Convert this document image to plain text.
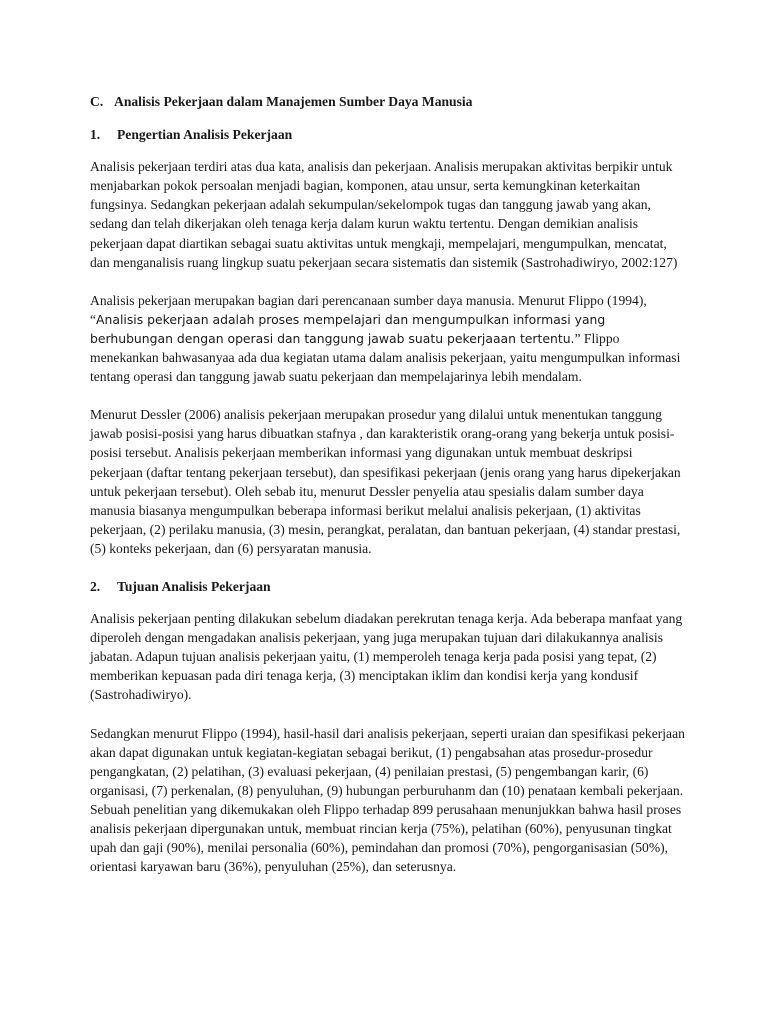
C. Analisis Pekerjaan dalam Manajemen Sumber Daya Manusia
1. Pengertian Analisis Pekerjaan

Analisis pekerjaan terdiri atas dua kata, analisis dan pekerjaan. Analisis merupakan aktivitas berpikir untuk menjabarkan pokok persoalan menjadi bagian, komponen, atau unsur, serta kemungkinan keterkaitan fungsinya. Sedangkan pekerjaan adalah sekumpulan/sekelompok tugas dan tanggung jawab yang akan, sedang dan telah dikerjakan oleh tenaga kerja dalam kurun waktu tertentu. Dengan demikian analisis pekerjaan dapat diartikan sebagai suatu aktivitas untuk mengkaji, mempelajari, mengumpulkan, mencatat, dan menganalisis ruang lingkup suatu pekerjaan secara sistematis dan sistemik (Sastrohadiwiryo, 2002:127)

Analisis pekerjaan merupakan bagian dari perencanaan sumber daya manusia. Menurut Flippo (1994), “Analisis pekerjaan adalah proses mempelajari dan mengumpulkan informasi yang berhubungan dengan operasi dan tanggung jawab suatu pekerjaaan tertentu.” Flippo menekankan bahwasanyaa ada dua kegiatan utama dalam analisis pekerjaan, yaitu mengumpulkan informasi tentang operasi dan tanggung jawab suatu pekerjaan dan mempelajarinya lebih mendalam.

Menurut Dessler (2006) analisis pekerjaan merupakan prosedur yang dilalui untuk menentukan tanggung jawab posisi-posisi yang harus dibuatkan stafnya , dan karakteristik orang-orang yang bekerja untuk posisi-posisi tersebut. Analisis pekerjaan memberikan informasi yang digunakan untuk membuat deskripsi pekerjaan (daftar tentang pekerjaan tersebut), dan spesifikasi pekerjaan (jenis orang yang harus dipekerjakan untuk pekerjaan tersebut). Oleh sebab itu, menurut Dessler penyelia atau spesialis dalam sumber daya manusia biasanya mengumpulkan beberapa informasi berikut melalui analisis pekerjaan, (1) aktivitas pekerjaan, (2) perilaku manusia, (3) mesin, perangkat, peralatan, dan bantuan pekerjaan, (4) standar prestasi, (5) konteks pekerjaan, dan (6) persyaratan manusia.

2. Tujuan Analisis Pekerjaan

Analisis pekerjaan penting dilakukan sebelum diadakan perekrutan tenaga kerja. Ada beberapa manfaat yang diperoleh dengan mengadakan analisis pekerjaan, yang juga merupakan tujuan dari dilakukannya analisis jabatan. Adapun tujuan analisis pekerjaan yaitu, (1) memperoleh tenaga kerja pada posisi yang tepat, (2) memberikan kepuasan pada diri tenaga kerja, (3) menciptakan iklim dan kondisi kerja yang kondusif (Sastrohadiwiryo).

Sedangkan menurut Flippo (1994), hasil-hasil dari analisis pekerjaan, seperti uraian dan spesifikasi pekerjaan akan dapat digunakan untuk kegiatan-kegiatan sebagai berikut, (1) pengabsahan atas prosedur-prosedur pengangkatan, (2) pelatihan, (3) evaluasi pekerjaan, (4) penilaian prestasi, (5) pengembangan karir, (6) organisasi, (7) perkenalan, (8) penyuluhan, (9) hubungan perburuhanm dan (10) penataan kembali pekerjaan. Sebuah penelitian yang dikemukakan oleh Flippo terhadap 899 perusahaan menunjukkan bahwa hasil proses analisis pekerjaan dipergunakan untuk, membuat rincian kerja (75%), pelatihan (60%), penyusunan tingkat upah dan gaji (90%), menilai personalia (60%), pemindahan dan promosi (70%), pengorganisasian (50%), orientasi karyawan baru (36%), penyuluhan (25%), dan seterusnya.
